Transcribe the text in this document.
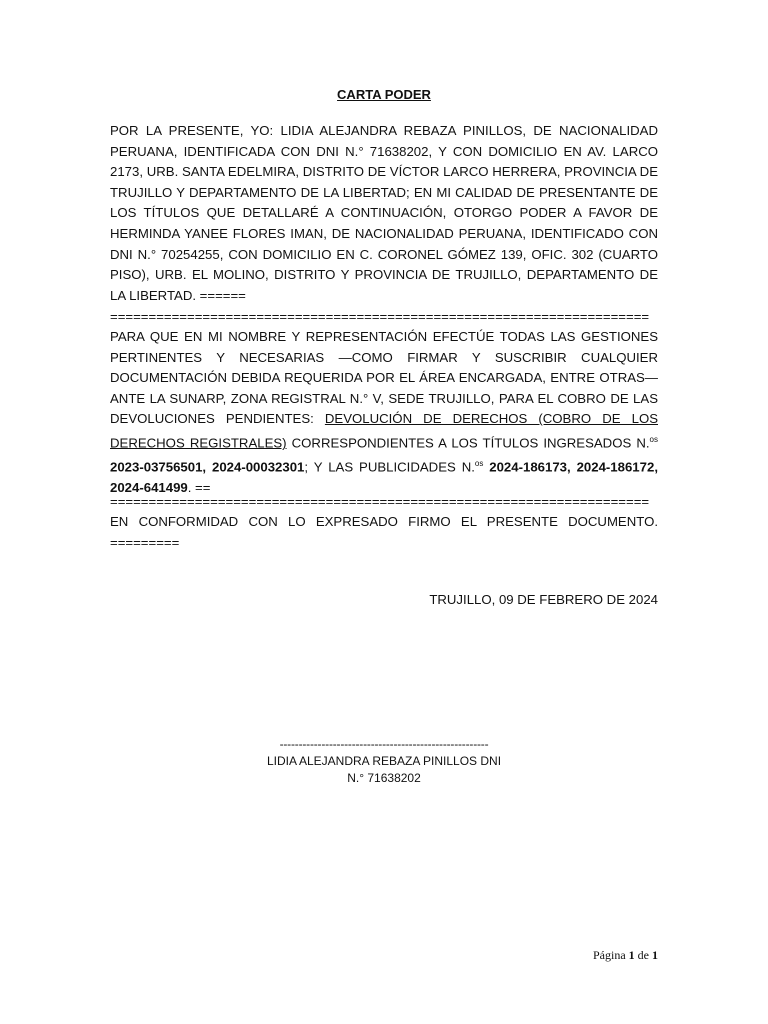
CARTA PODER

POR LA PRESENTE, YO: LIDIA ALEJANDRA REBAZA PINILLOS, DE NACIONALIDAD PERUANA, IDENTIFICADA CON DNI N.° 71638202, Y CON DOMICILIO EN AV. LARCO 2173, URB. SANTA EDELMIRA, DISTRITO DE VÍCTOR LARCO HERRERA, PROVINCIA DE TRUJILLO Y DEPARTAMENTO DE LA LIBERTAD; EN MI CALIDAD DE PRESENTANTE DE LOS TÍTULOS QUE DETALLARÉ A CONTINUACIÓN, OTORGO PODER A FAVOR DE HERMINDA YANEE FLORES IMAN, DE NACIONALIDAD PERUANA, IDENTIFICADO CON DNI N.° 70254255, CON DOMICILIO EN C. CORONEL GÓMEZ 139, OFIC. 302 (CUARTO PISO), URB. EL MOLINO, DISTRITO Y PROVINCIA DE TRUJILLO, DEPARTAMENTO DE LA LIBERTAD. ======

======================================================================

PARA QUE EN MI NOMBRE Y REPRESENTACIÓN EFECTÚE TODAS LAS GESTIONES PERTINENTES Y NECESARIAS —COMO FIRMAR Y SUSCRIBIR CUALQUIER DOCUMENTACIÓN DEBIDA REQUERIDA POR EL ÁREA ENCARGADA, ENTRE OTRAS— ANTE LA SUNARP, ZONA REGISTRAL N.° V, SEDE TRUJILLO, PARA EL COBRO DE LAS DEVOLUCIONES PENDIENTES: DEVOLUCIÓN DE DERECHOS (COBRO DE LOS DERECHOS REGISTRALES) CORRESPONDIENTES A LOS TÍTULOS INGRESADOS N.$^{os}$ 2023-03756501, 2024-00032301; Y LAS PUBLICIDADES N.$^{os}$ 2024-186173, 2024-186172, 2024-641499. ==

======================================================================

EN CONFORMIDAD CON LO EXPRESADO FIRMO EL PRESENTE DOCUMENTO. =========

TRUJILLO, 09 DE FEBRERO DE 2024
-------------------------------------------------------
LIDIA ALEJANDRA REBAZA PINILLOS DNI
N.° 71638202
Página 1 de 1
